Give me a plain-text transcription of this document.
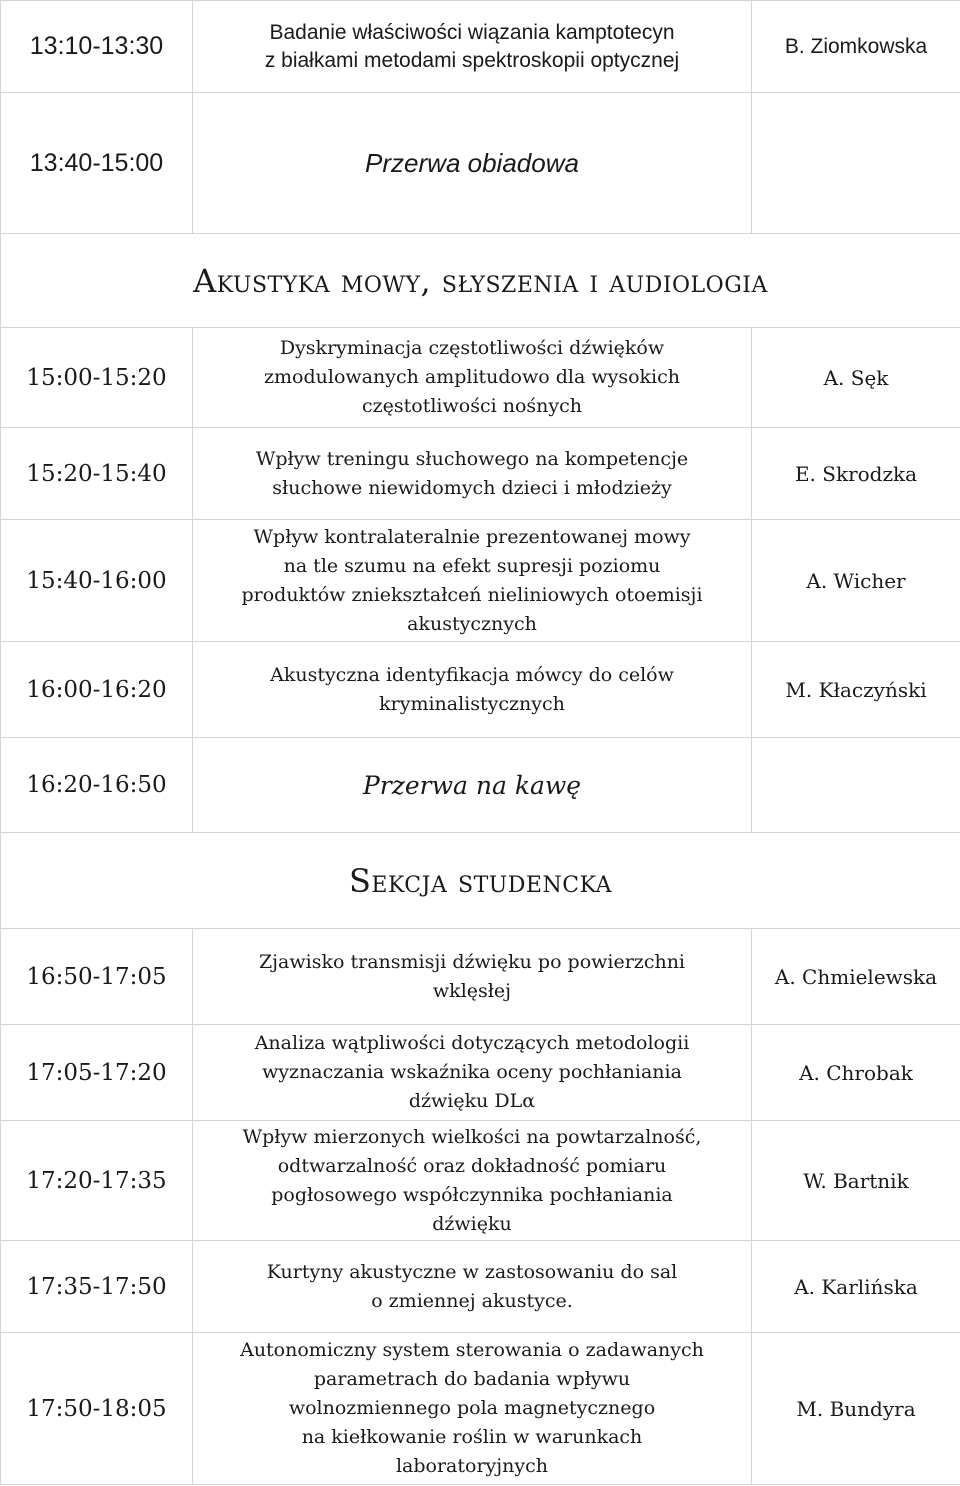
13:10-13:30	Badanie właściwości wiązania kamptotecyn
z białkami metodami spektroskopii optycznej	B. Ziomkowska
13:40-15:00	Przerwa obiadowa	
Akustyka mowy, słyszenia i audiologia		
15:00-15:20	Dyskryminacja częstotliwości dźwięków
zmodulowanych amplitudowo dla wysokich
częstotliwości nośnych	A. Sęk
15:20-15:40	Wpływ treningu słuchowego na kompetencje
słuchowe niewidomych dzieci i młodzieży	E. Skrodzka
15:40-16:00	Wpływ kontralateralnie prezentowanej mowy
na tle szumu na efekt supresji poziomu
produktów zniekształceń nieliniowych otoemisji
akustycznych	A. Wicher
16:00-16:20	Akustyczna identyfikacja mówcy do celów
kryminalistycznych	M. Kłaczyński
16:20-16:50	Przerwa na kawę	
Sekcja studencka		
16:50-17:05	Zjawisko transmisji dźwięku po powierzchni
wklęsłej	A. Chmielewska
17:05-17:20	Analiza wątpliwości dotyczących metodologii
wyznaczania wskaźnika oceny pochłaniania
dźwięku DLα	A. Chrobak
17:20-17:35	Wpływ mierzonych wielkości na powtarzalność,
odtwarzalność oraz dokładność pomiaru
pogłosowego współczynnika pochłaniania
dźwięku	W. Bartnik
17:35-17:50	Kurtyny akustyczne w zastosowaniu do sal
o zmiennej akustyce.	A. Karlińska
17:50-18:05	Autonomiczny system sterowania o zadawanych
parametrach do badania wpływu
wolnozmiennego pola magnetycznego
na kiełkowanie roślin w warunkach
laboratoryjnych	M. Bundyra
